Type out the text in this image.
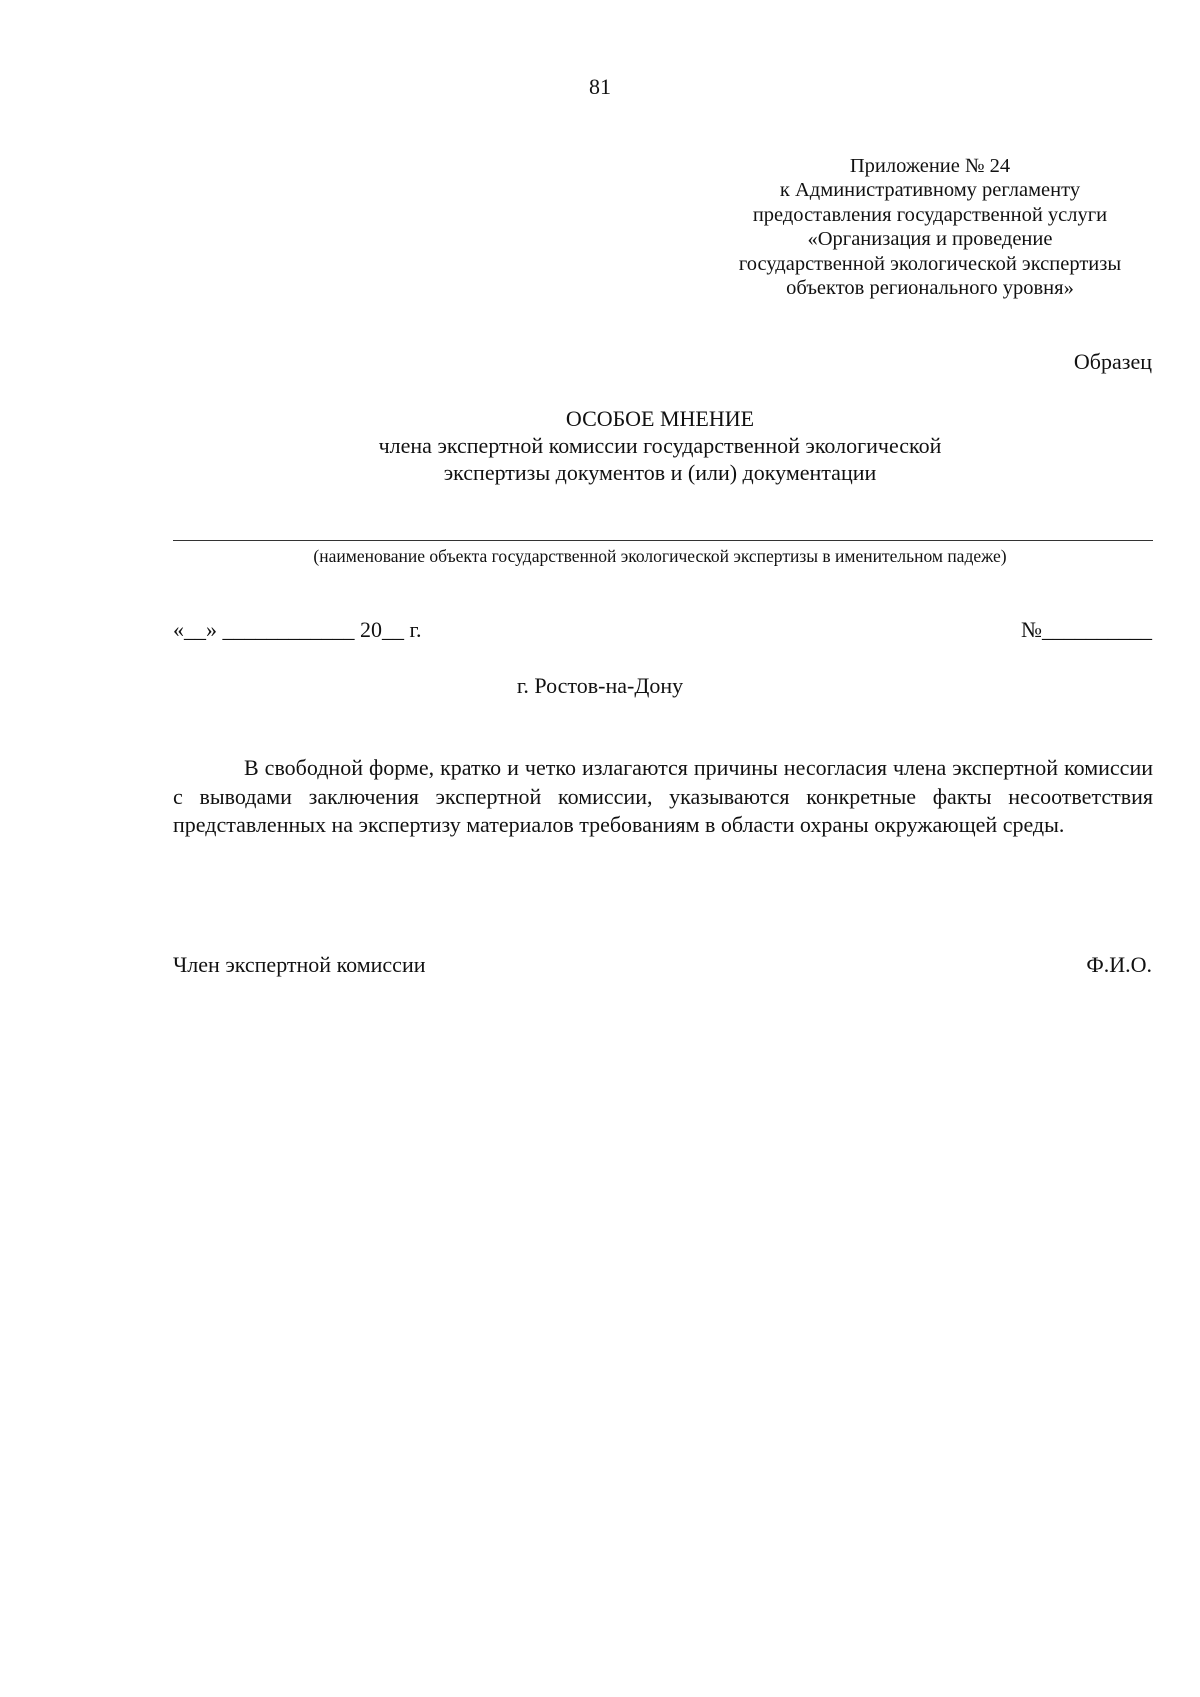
81
Приложение № 24
к Административному регламенту
предоставления государственной услуги
«Организация и проведение
государственной экологической экспертизы
объектов регионального уровня»
Образец
ОСОБОЕ МНЕНИЕ
члена экспертной комиссии государственной экологической
экспертизы документов и (или) документации
(наименование объекта государственной экологической экспертизы в именительном падеже)
«__» ____________ 20__ г.	№__________
г. Ростов-на-Дону
В свободной форме, кратко и четко излагаются причины несогласия члена экспертной комиссии с выводами заключения экспертной комиссии, указываются конкретные факты несоответствия представленных на экспертизу материалов требованиям в области охраны окружающей среды.
Член экспертной комиссии	Ф.И.О.
